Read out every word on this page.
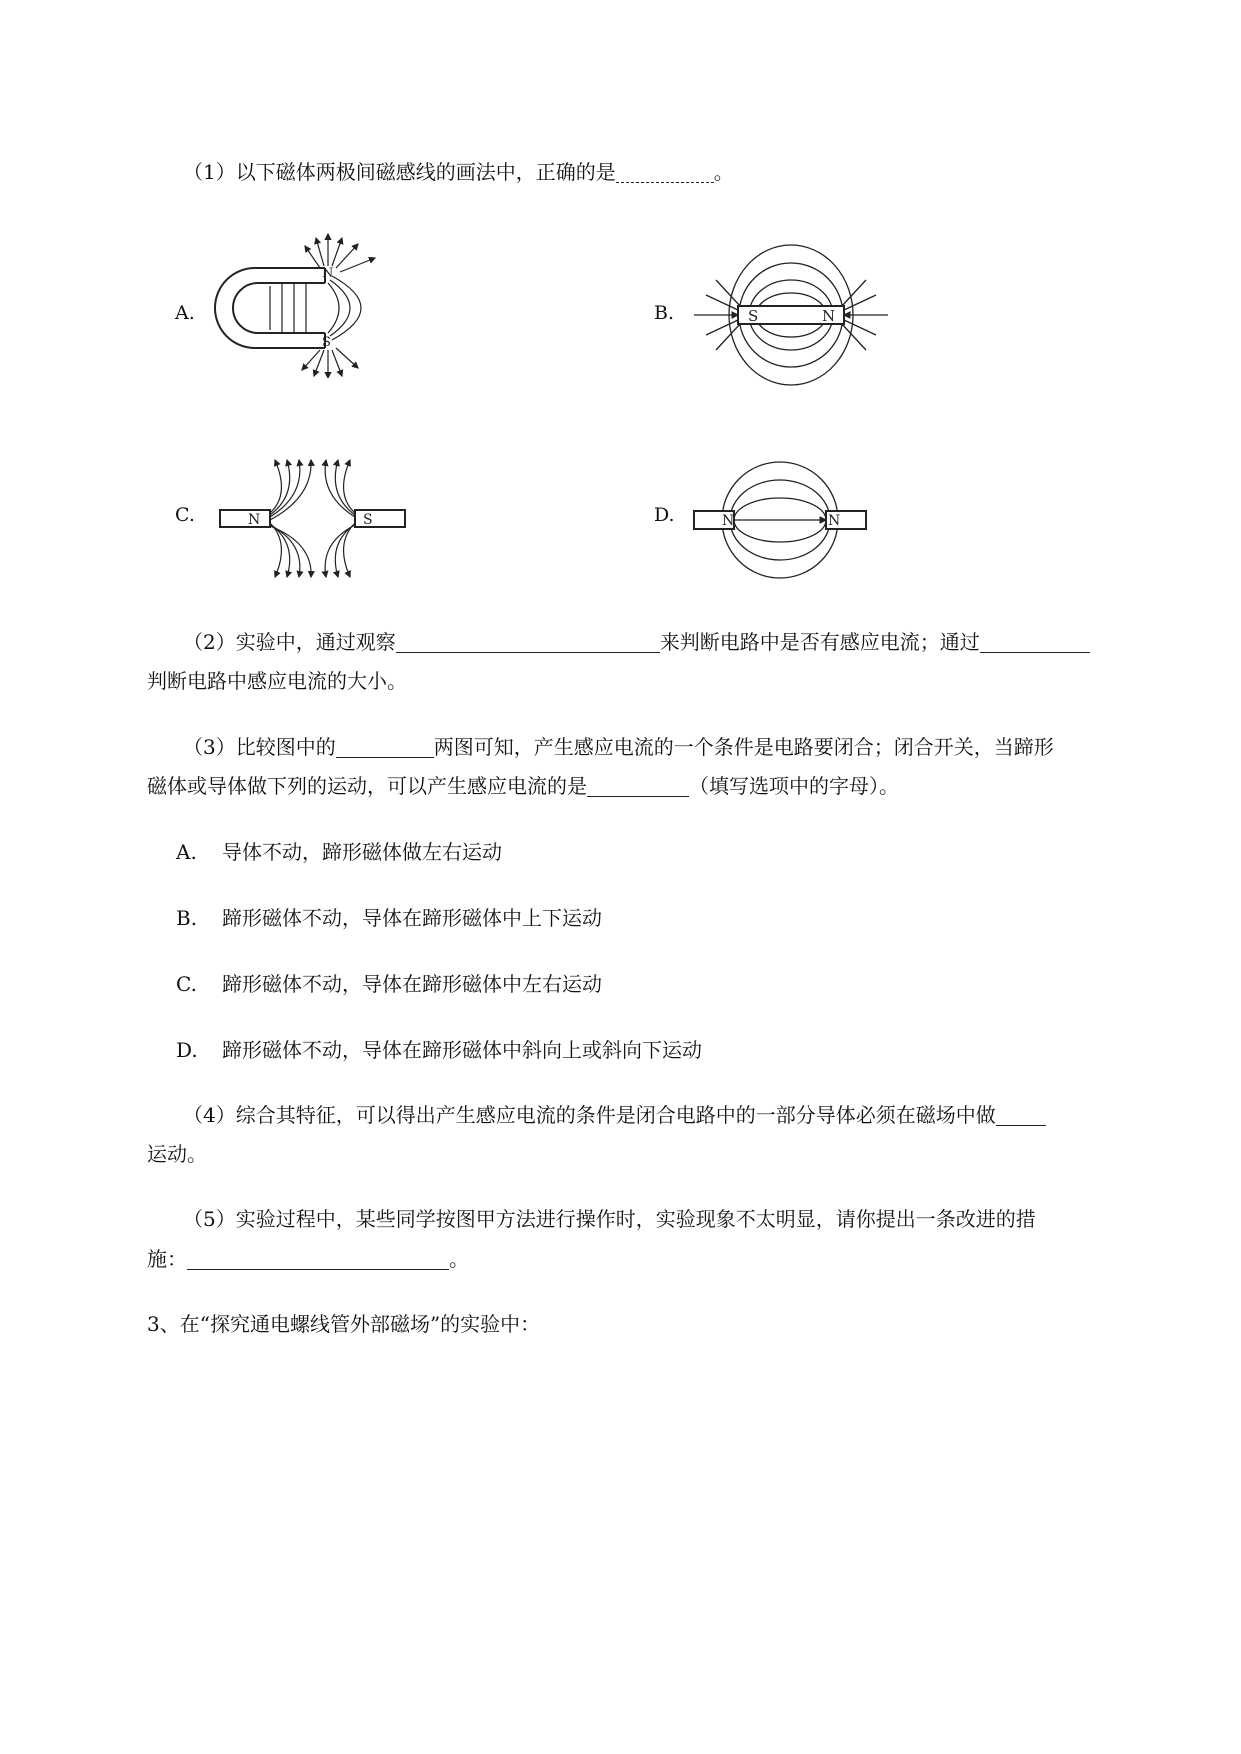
（1）以下磁体两极间磁感线的画法中，正确的是	。
A.
N
S
B.	S	N
C.	N	S	D.	N	N
（2）实验中，通过观察	来判断电路中是否有感应电流；通过
判断电路中感应电流的大小。
（3）比较图中的	两图可知，产生感应电流的一个条件是电路要闭合；闭合开关，当蹄形
磁体或导体做下列的运动，可以产生感应电流的是	（填写选项中的字母）。
A. 导体不动，蹄形磁体做左右运动
B. 蹄形磁体不动，导体在蹄形磁体中上下运动
C. 蹄形磁体不动，导体在蹄形磁体中左右运动
D. 蹄形磁体不动，导体在蹄形磁体中斜向上或斜向下运动
（4）综合其特征，可以得出产生感应电流的条件是闭合电路中的一部分导体必须在磁场中做
运动。
（5）实验过程中，某些同学按图甲方法进行操作时，实验现象不太明显，请你提出一条改进的措
施：	。
3、在“探究通电螺线管外部磁场”的实验中：
